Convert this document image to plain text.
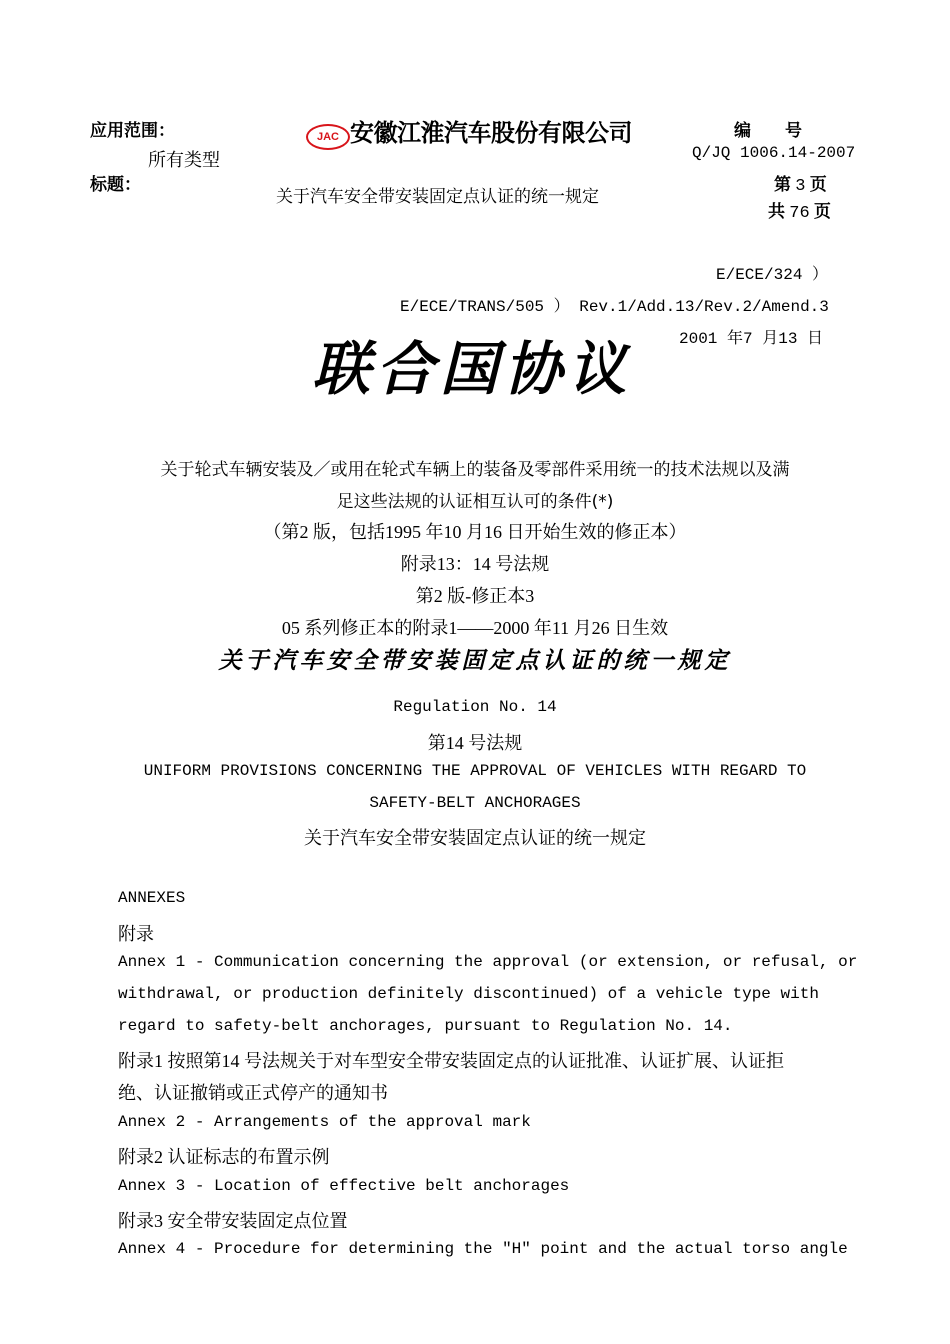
应用范围：
所有类型
标题：
关于汽车安全带安装固定点认证的统一规定
JAC 安徽江淮汽车股份有限公司	编　　号
Q/JQ 1006.14-2007
第 3 页
共 76 页
E/ECE/324 ）
E/ECE/TRANS/505 ） Rev.1/Add.13/Rev.2/Amend.3
2001 年7 月13 日
联合国协议
关于轮式车辆安装及／或用在轮式车辆上的装备及零部件采用统一的技术法规以及满
足这些法规的认证相互认可的条件(*)
（第2 版，包括1995 年10 月16 日开始生效的修正本）
附录13：14 号法规
第2 版-修正本3
05 系列修正本的附录1——2000 年11 月26 日生效
关于汽车安全带安装固定点认证的统一规定
Regulation No. 14
第14 号法规
UNIFORM PROVISIONS CONCERNING THE APPROVAL OF VEHICLES WITH REGARD TO
SAFETY-BELT ANCHORAGES
关于汽车安全带安装固定点认证的统一规定
ANNEXES
附录
Annex 1 - Communication concerning the approval (or extension, or refusal, or
withdrawal, or production definitely discontinued) of a vehicle type with
regard to safety-belt anchorages, pursuant to Regulation No. 14.
附录1 按照第14 号法规关于对车型安全带安装固定点的认证批准、认证扩展、认证拒
绝、认证撤销或正式停产的通知书
Annex 2 - Arrangements of the approval mark
附录2 认证标志的布置示例
Annex 3 - Location of effective belt anchorages
附录3 安全带安装固定点位置
Annex 4 - Procedure for determining the "H" point and the actual torso angle
